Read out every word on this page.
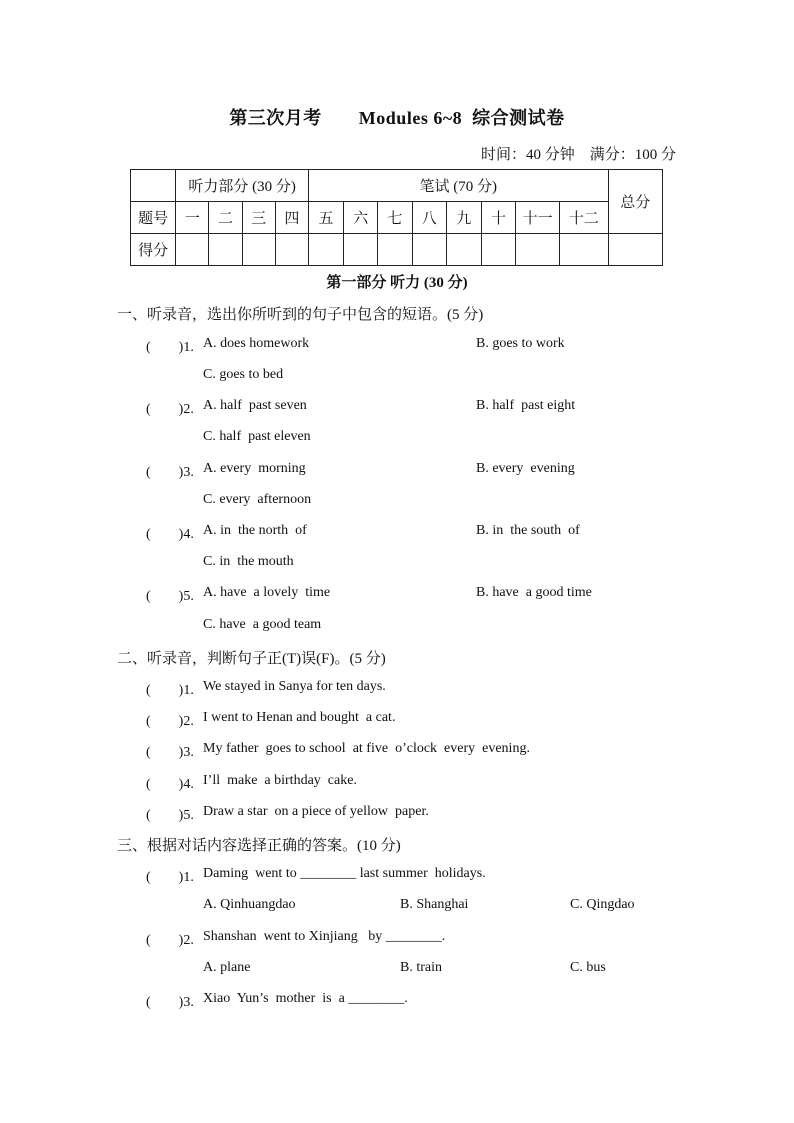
第三次月考　　Modules 6~8  综合测试卷
时间：40 分钟　满分：100 分
	听力部分 (30 分)				笔试 (70 分)								总分
题号	一	二	三	四	五	六	七	八	九	十	十一	十二	
得分													
第一部分 听力 (30 分)
一、听录音，选出你所听到的句子中包含的短语。(5 分)
(　　)1. A. does homework	B. goes to work
C. goes to bed
(　　)2. A. half  past seven	B. half  past eight
C. half  past eleven
(　　)3. A. every  morning	B. every  evening
C. every  afternoon
(　　)4. A. in  the north  of	B. in  the south  of
C. in  the mouth
(　　)5. A. have  a lovely  time	B. have  a good time
C. have  a good team
二、听录音，判断句子正(T)误(F)。(5 分)
(　　)1. We stayed in Sanya for ten days.
(　　)2. I went to Henan and bought  a cat.
(　　)3. My father  goes to school  at five  o’clock  every  evening.
(　　)4. I’ll  make  a birthday  cake.
(　　)5. Draw a star  on a piece of yellow  paper.
三、根据对话内容选择正确的答案。(10 分)
(　　)1. Daming  went to ________ last summer  holidays.
A. Qinhuangdao	B. Shanghai	C. Qingdao
(　　)2. Shanshan  went to Xinjiang   by ________.
A. plane	B. train	C. bus
(　　)3. Xiao  Yun’s  mother  is  a ________.
